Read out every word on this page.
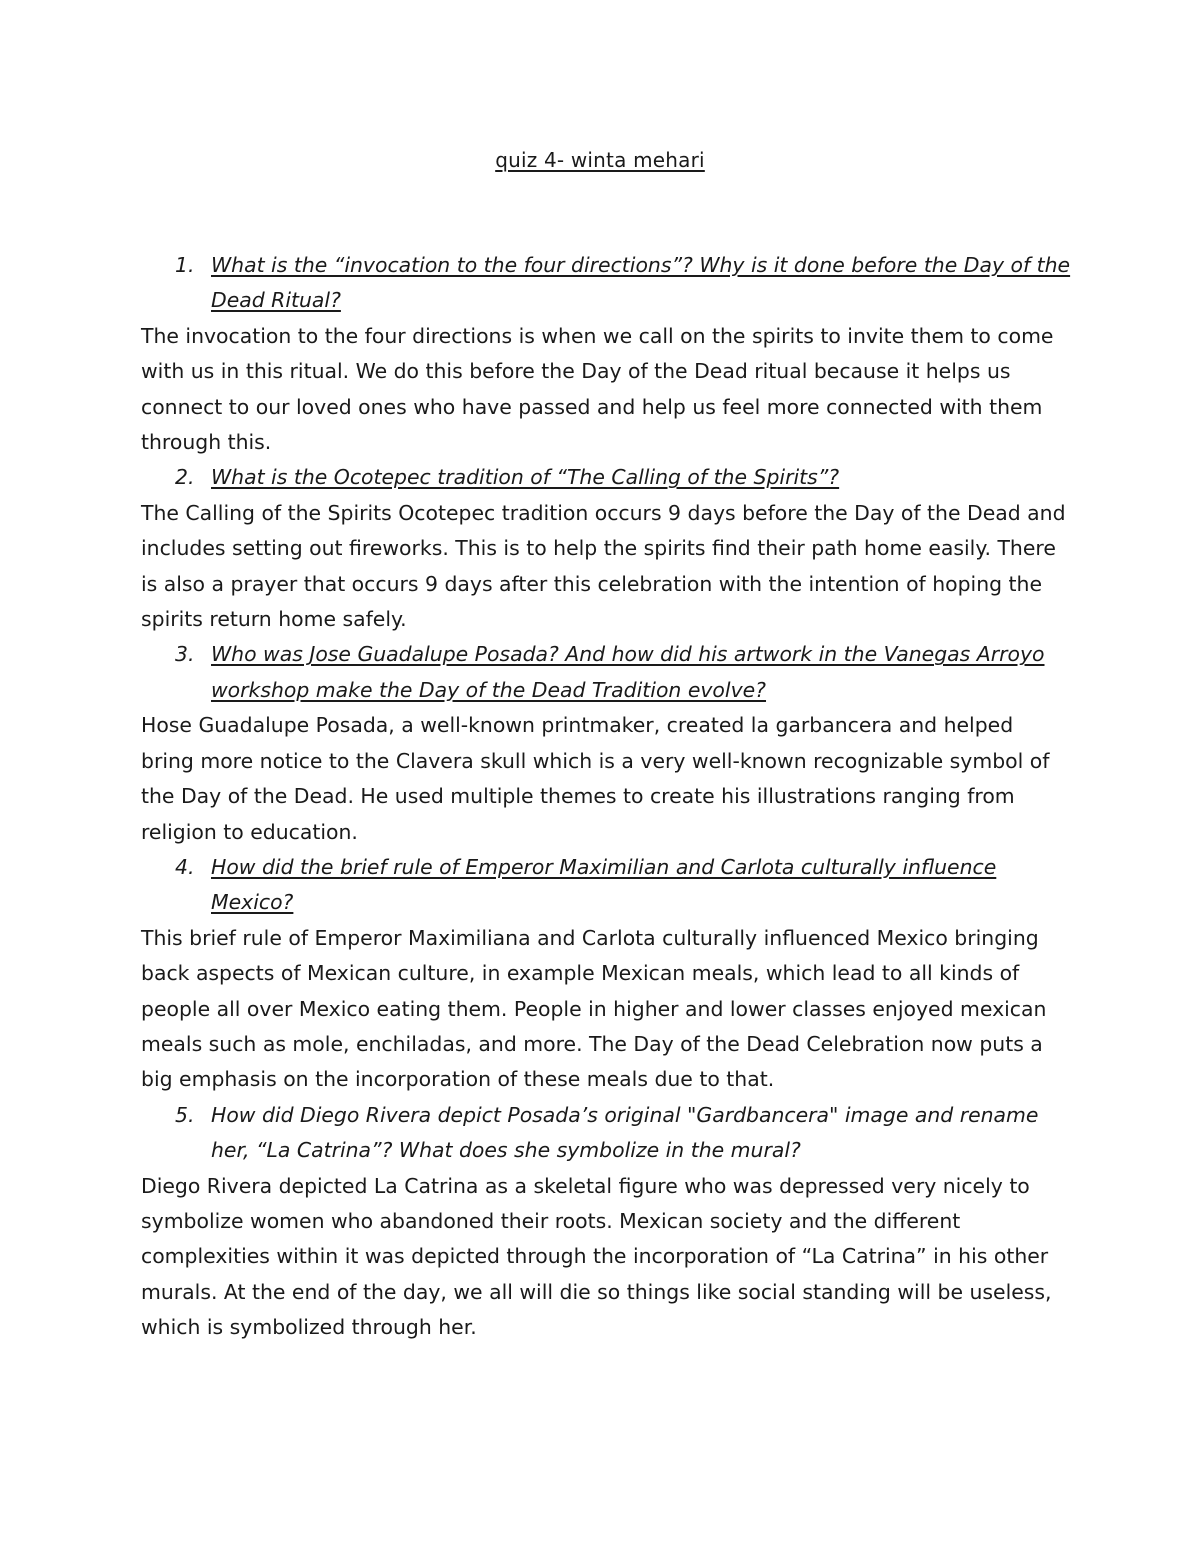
quiz 4- winta mehari
1. What is the “invocation to the four directions”? Why is it done before the Day of the Dead Ritual?

The invocation to the four directions is when we call on the spirits to invite them to come with us in this ritual. We do this before the Day of the Dead ritual because it helps us connect to our loved ones who have passed and help us feel more connected with them through this.

2. What is the Ocotepec tradition of “The Calling of the Spirits”?

The Calling of the Spirits Ocotepec tradition occurs 9 days before the Day of the Dead and includes setting out fireworks. This is to help the spirits find their path home easily. There is also a prayer that occurs 9 days after this celebration with the intention of hoping the spirits return home safely.

3. Who was Jose Guadalupe Posada? And how did his artwork in the Vanegas Arroyo workshop make the Day of the Dead Tradition evolve?

Hose Guadalupe Posada, a well-known printmaker, created la garbancera and helped bring more notice to the Clavera skull which is a very well-known recognizable symbol of the Day of the Dead. He used multiple themes to create his illustrations ranging from religion to education.

4. How did the brief rule of Emperor Maximilian and Carlota culturally influence Mexico?

This brief rule of Emperor Maximiliana and Carlota culturally influenced Mexico bringing back aspects of Mexican culture, in example Mexican meals, which lead to all kinds of people all over Mexico eating them. People in higher and lower classes enjoyed mexican meals such as mole, enchiladas, and more. The Day of the Dead Celebration now puts a big emphasis on the incorporation of these meals due to that.

5. How did Diego Rivera depict Posada’s original "Gardbancera" image and rename her, “La Catrina”? What does she symbolize in the mural?

Diego Rivera depicted La Catrina as a skeletal figure who was depressed very nicely to symbolize women who abandoned their roots. Mexican society and the different complexities within it was depicted through the incorporation of “La Catrina” in his other murals. At the end of the day, we all will die so things like social standing will be useless, which is symbolized through her.
